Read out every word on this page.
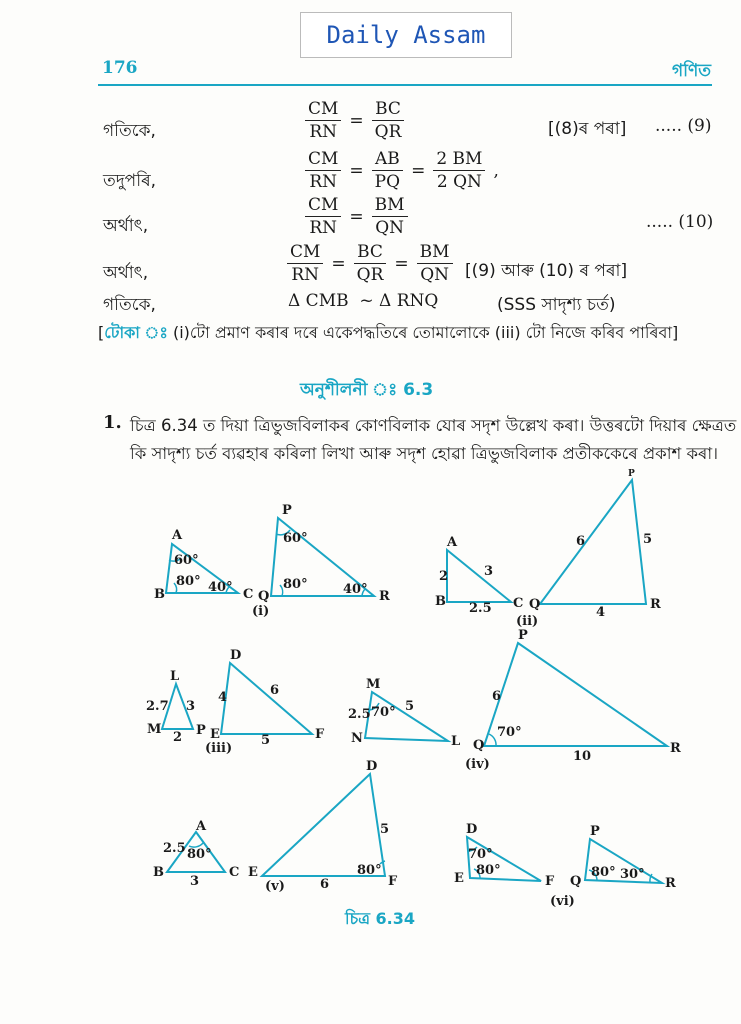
Daily Assam
176	গণিত
গতিকে,	$\frac{CM}{RN} = \frac{BC}{QR}$	[(8)ৰ পৰা] ..... (9)
তদুপৰি,	$\frac{CM}{RN} = \frac{AB}{PQ} = \frac{2 BM}{2 QN}$ ,
অৰ্থাৎ,	$\frac{CM}{RN} = \frac{BM}{QN}$	..... (10)
অৰ্থাৎ,	$\frac{CM}{RN} = \frac{BC}{QR} = \frac{BM}{QN} [(9)$ আৰু (10) ৰ পৰা]
গতিকে,	Δ CMB  ~ Δ RNQ	(SSS সাদৃশ্য চৰ্ত)
[টোকা ঃ (i)টো প্ৰমাণ কৰাৰ দৰে একেপদ্ধতিৰে তোমালোকে (iii) টো নিজে কৰিব পাৰিবা]
অনুশীলনী ঃ 6.3
1. চিত্ৰ 6.34 ত দিয়া ত্ৰিভুজবিলাকৰ কোণবিলাক যোৰ সদৃশ উল্লেখ কৰা। উত্তৰটো দিয়াৰ ক্ষেত্ৰত
কি সাদৃশ্য চৰ্ত ব্যৱহাৰ কৰিলা লিখা আৰু সদৃশ হোৱা ত্ৰিভুজবিলাক প্ৰতীককেৰে প্ৰকাশ কৰা।
A
B	C
60°
80° 40°
P
Q	R
60°
80°	40°
(i)
A
B	C
2	3
2.5
P
Q	R
6	5
4
(ii)
L
M	P
2.7 3
2
D
E	F
4	6
5
(iii)
M
N	L
2.5 70° 5
P
Q	R
6
70°
10
(iv)
A
B	C
2.5 80°
3
D
E
F
5
80°
6
(v)
D
E	F
70°
80°
P
Q	R
80° 30°
(vi)
চিত্ৰ 6.34
